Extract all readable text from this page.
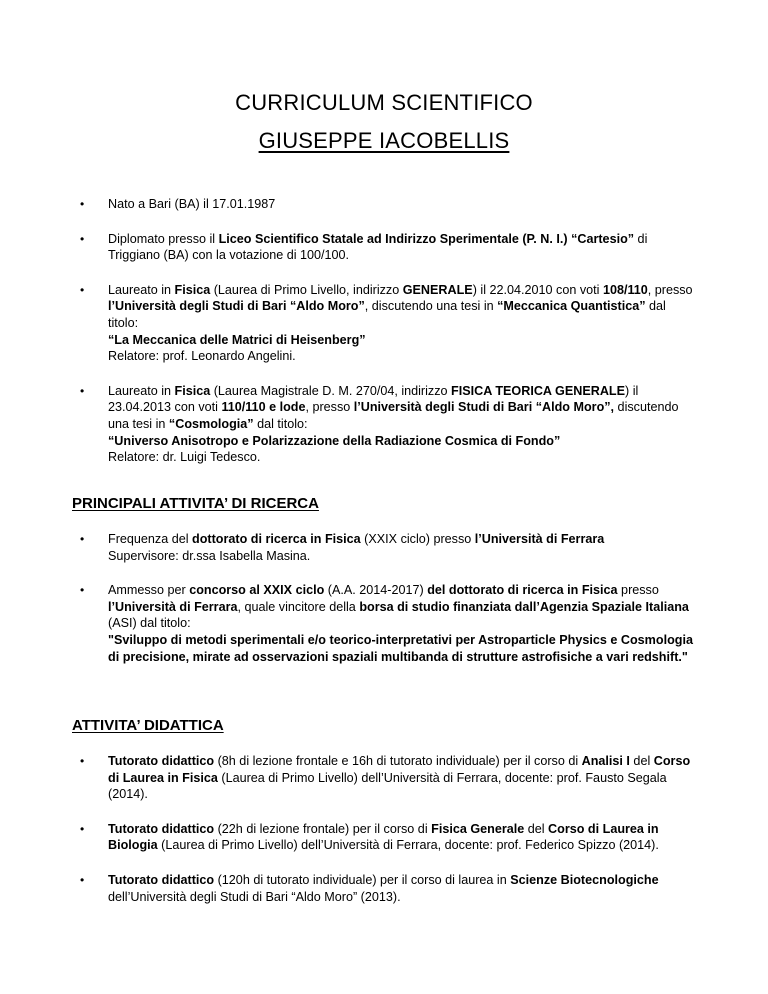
CURRICULUM SCIENTIFICO
GIUSEPPE IACOBELLIS
• Nato a Bari (BA) il 17.01.1987
• Diplomato presso il Liceo Scientifico Statale ad Indirizzo Sperimentale (P. N. I.) “Cartesio” di Triggiano (BA) con la votazione di 100/100.
• Laureato in Fisica (Laurea di Primo Livello, indirizzo GENERALE) il 22.04.2010 con voti 108/110, presso l’Università degli Studi di Bari “Aldo Moro”, discutendo una tesi in “Meccanica Quantistica” dal titolo:
“La Meccanica delle Matrici di Heisenberg”
Relatore: prof. Leonardo Angelini.
• Laureato in Fisica (Laurea Magistrale D. M. 270/04, indirizzo FISICA TEORICA GENERALE) il 23.04.2013 con voti 110/110 e lode, presso l’Università degli Studi di Bari “Aldo Moro”, discutendo una tesi in “Cosmologia” dal titolo:
“Universo Anisotropo e Polarizzazione della Radiazione Cosmica di Fondo”
Relatore: dr. Luigi Tedesco.
PRINCIPALI ATTIVITA’ DI RICERCA
• Frequenza del dottorato di ricerca in Fisica (XXIX ciclo) presso l’Università di Ferrara
Supervisore: dr.ssa Isabella Masina.
• Ammesso per concorso al XXIX ciclo (A.A. 2014-2017) del dottorato di ricerca in Fisica presso l’Università di Ferrara, quale vincitore della borsa di studio finanziata dall’Agenzia Spaziale Italiana (ASI) dal titolo:
"Sviluppo di metodi sperimentali e/o teorico-interpretativi per Astroparticle Physics e Cosmologia di precisione, mirate ad osservazioni spaziali multibanda di strutture astrofisiche a vari redshift."
ATTIVITA’ DIDATTICA
• Tutorato didattico (8h di lezione frontale e 16h di tutorato individuale) per il corso di Analisi I del Corso di Laurea in Fisica (Laurea di Primo Livello) dell’Università di Ferrara, docente: prof. Fausto Segala (2014).
• Tutorato didattico (22h di lezione frontale) per il corso di Fisica Generale del Corso di Laurea in Biologia (Laurea di Primo Livello) dell’Università di Ferrara, docente: prof. Federico Spizzo (2014).
• Tutorato didattico (120h di tutorato individuale) per il corso di laurea in Scienze Biotecnologiche dell’Università degli Studi di Bari “Aldo Moro” (2013).
